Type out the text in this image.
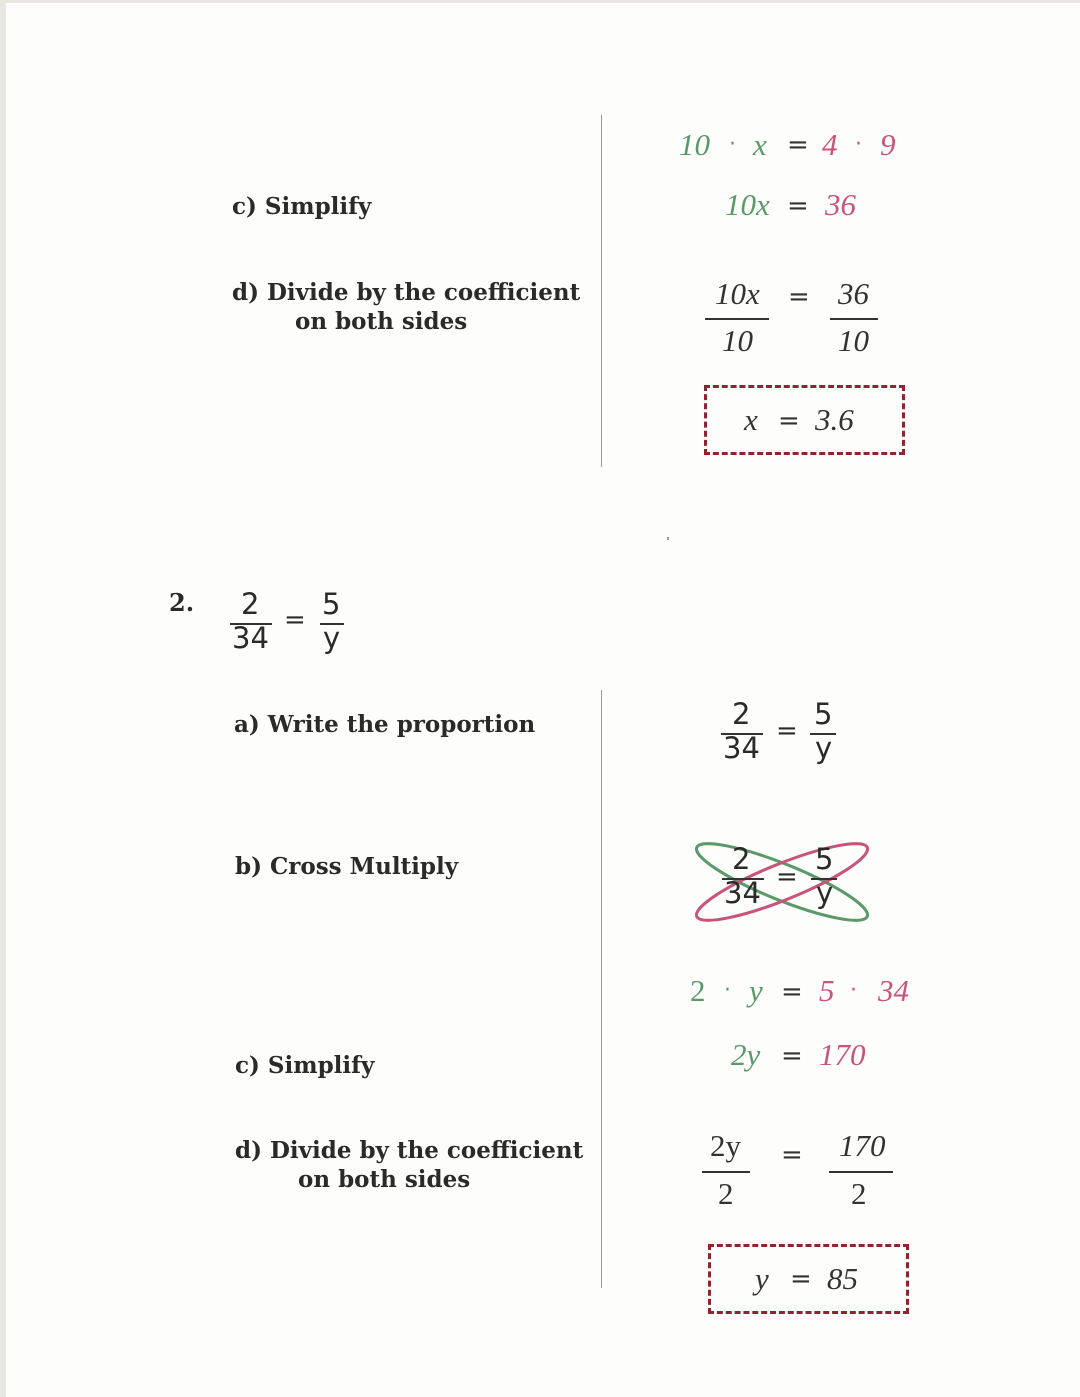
c) Simplify
d) Divide by the coefficient
on both sides
10 · x = 4 · 9
10x = 36
10x
10
= 36
10
x = 3.6
2. 2
34
= 5
y
a) Write the proportion
b) Cross Multiply
c) Simplify
d) Divide by the coefficient
on both sides
2
34 = 5
y
2
34 =
5
y
2 · y = 5 · 34
2y = 170
2y
2
= 170
2
y = 85
